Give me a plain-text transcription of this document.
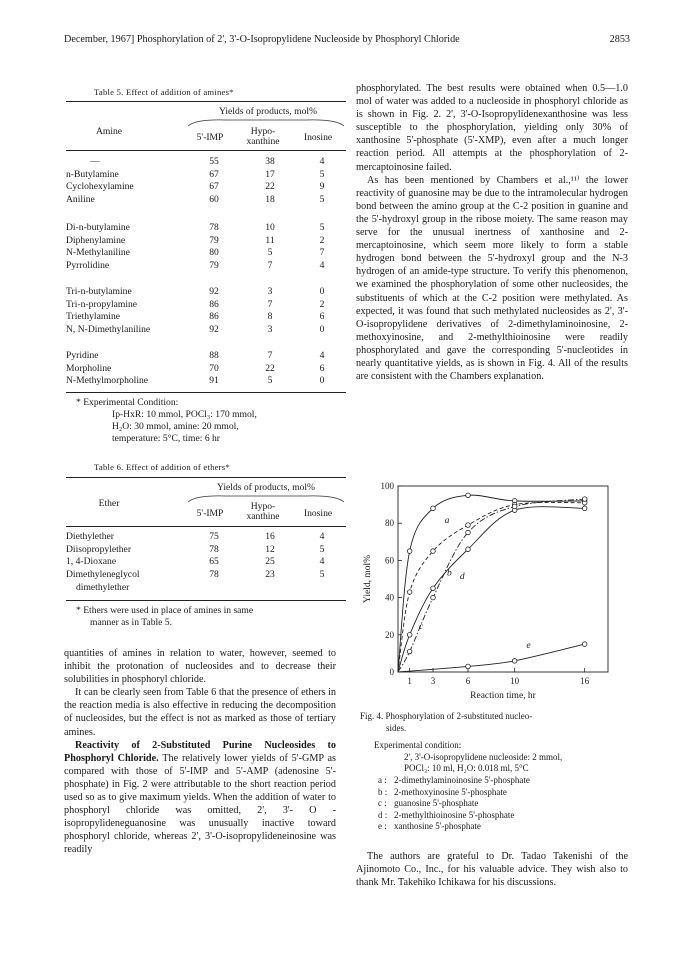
December, 1967] Phosphorylation of 2', 3'-O-Isopropylidene Nucleoside by Phosphoryl Chloride	2853
Table 5. Effect of addition of amines*
Yields of products, mol%
Amine
5'-IMP
Hypo-
xanthine	Inosine
—	55	38	4
n-Butylamine	67	17	5
Cyclohexylamine	67	22	9
Aniline	60	18	5
Di-n-butylamine	78	10	5
Diphenylamine	79	11	2
N-Methylaniline	80	5	7
Pyrrolidine	79	7	4
Tri-n-butylamine	92	3	0
Tri-n-propylamine	86	7	2
Triethylamine	86	8	6
N, N-Dimethylaniline	92	3	0
Pyridine	88	7	4
Morpholine	70	22	6
N-Methylmorpholine	91	5	0
* Experimental Condition:
Ip-HxR: 10 mmol, POCl₃: 170 mmol,
H₂O: 30 mmol, amine: 20 mmol,
temperature: 5°C, time: 6 hr
Table 6. Effect of addition of ethers*
Yields of products, mol%
Ether
5'-IMP
Hypo-
xanthine	Inosine
Diethylether	75	16	4
Diisopropylether	78	12	5
1, 4-Dioxane	65	25	4
Dimethyleneglycol	78	23	5
dimethylether			
* Ethers were used in place of amines in same
manner as in Table 5.

quantities of amines in relation to water, however, seemed to inhibit the protonation of nucleosides and to decrease their solubilities in phosphoryl chloride.

It can be clearly seen from Table 6 that the presence of ethers in the reaction media is also effective in reducing the decomposition of nucleosides, but the effect is not as marked as those of tertiary amines.

Reactivity of 2-Substituted Purine Nucleosides to Phosphoryl Chloride. The relatively lower yields of 5'-GMP as compared with those of 5'-IMP and 5'-AMP (adenosine 5'-phosphate) in Fig. 2 were attributable to the short reaction period used so as to give maximum yields. When the addition of water to phosphoryl chloride was omitted, 2', 3'- O -isopropylideneguanosine was unusually inactive toward phosphoryl chloride, whereas 2', 3'-O-isopropylideneinosine was readily

phosphorylated. The best results were obtained when 0.5—1.0 mol of water was added to a nucleoside in phosphoryl chloride as is shown in Fig. 2. 2', 3'-O-Isopropylidenexanthosine was less susceptible to the phosphorylation, yielding only 30% of xanthosine 5'-phosphate (5'-XMP), even after a much longer reaction period. All attempts at the phosphorylation of 2-mercaptoinosine failed.

As has been mentioned by Chambers et al.,¹¹⁾ the lower reactivity of guanosine may be due to the intramolecular hydrogen bond between the amino group at the C-2 position in guanine and the 5'-hydroxyl group in the ribose moiety. The same reason may serve for the unusual inertness of xanthosine and 2-mercaptoinosine, which seem more likely to form a stable hydrogen bond between the 5'-hydroxyl group and the N-3 hydrogen of an amide-type structure. To verify this phenomenon, we examined the phosphorylation of some other nucleosides, the substituents of which at the C-2 position were methylated. As expected, it was found that such methylated nucleosides as 2', 3'-O-isopropylidene derivatives of 2-dimethylaminoinosine, 2-methoxyinosine, and 2-methylthioinosine were readily phosphorylated and gave the corresponding 5'-nucleotides in nearly quantitative yields, as is shown in Fig. 4. All of the results are consistent with the Chambers explanation.

0
20
40
60
80
100
1 3	6	10	16
Reaction time, hr
Yield, mol%
a
b
c
d
e
Fig. 4. Phosphorylation of 2-substituted nucleo-
sides.
Experimental condition:
2', 3'-O-isopropylidene nucleoside: 2 mmol,
POCl₃: 10 ml, H₂O: 0.018 ml, 5°C
a : 2-dimethylaminoinosine 5'-phosphate
b : 2-methoxyinosine 5'-phosphate
c : guanosine 5'-phosphate
d : 2-methylthioinosine 5'-phosphate
e : xanthosine 5'-phosphate

The authors are grateful to Dr. Tadao Takenishi of the Ajinomoto Co., Inc., for his valuable advice. They wish also to thank Mr. Takehiko Ichikawa for his discussions.
